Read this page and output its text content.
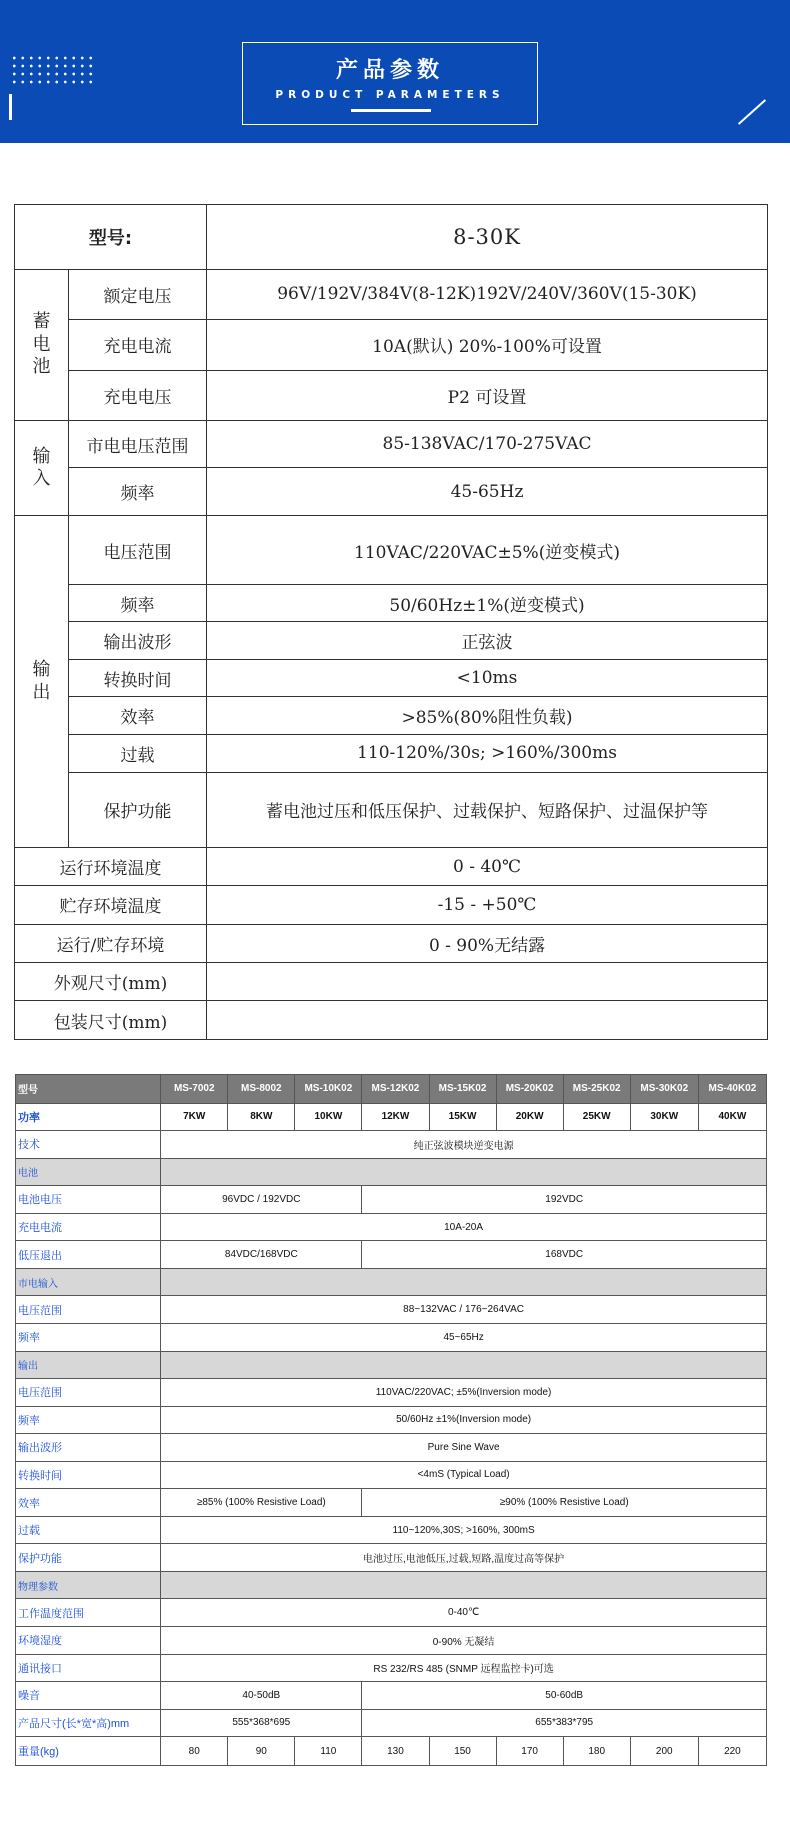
产品参数
PRODUCT PARAMETERS
型号:		8-30K
蓄
电
池	额定电压	96V/192V/384V(8-12K)192V/240V/360V(15-30K)
	充电电流	10A(默认) 20%-100%可设置
	充电电压	P2 可设置
输
入	市电电压范围	85-138VAC/170-275VAC
	频率	45-65Hz
输
出	电压范围	110VAC/220VAC±5%(逆变模式)
	频率	50/60Hz±1%(逆变模式)
	输出波形	正弦波
	转换时间	<10ms
	效率	>85%(80%阻性负载)
	过载	110-120%/30s; >160%/300ms
	保护功能	蓄电池过压和低压保护、过载保护、短路保护、过温保护等
运行环境温度		0 - 40℃
贮存环境温度		-15 - +50℃
运行/贮存环境		0 - 90%无结露
外观尺寸(mm)		
包装尺寸(mm)		
型号	MS-7002	MS-8002	MS-10K02	MS-12K02	MS-15K02	MS-20K02	MS-25K02	MS-30K02	MS-40K02
功率	7KW	8KW	10KW	12KW	15KW	20KW	25KW	30KW	40KW
技术	纯正弦波模块逆变电源								
电池									
电池电压	96VDC / 192VDC			192VDC					
充电电流	10A-20A								
低压退出	84VDC/168VDC			168VDC					
市电输入									
电压范围	88~132VAC / 176~264VAC								
频率	45~65Hz								
输出									
电压范围	110VAC/220VAC; ±5%(Inversion mode)								
频率	50/60Hz ±1%(Inversion mode)								
输出波形	Pure Sine Wave								
转换时间	<4mS (Typical Load)								
效率	≥85% (100% Resistive Load)			≥90% (100% Resistive Load)					
过载	110~120%,30S; >160%, 300mS								
保护功能	电池过压,电池低压,过载,短路,温度过高等保护								
物理参数									
工作温度范围	0-40℃								
环境湿度	0-90% 无凝结								
通讯接口	RS 232/RS 485 (SNMP 远程监控卡)可选								
噪音	40-50dB			50-60dB					
产品尺寸(长*宽*高)mm	555*368*695			655*383*795					
重量(kg)	80	90	110	130	150	170	180	200	220
